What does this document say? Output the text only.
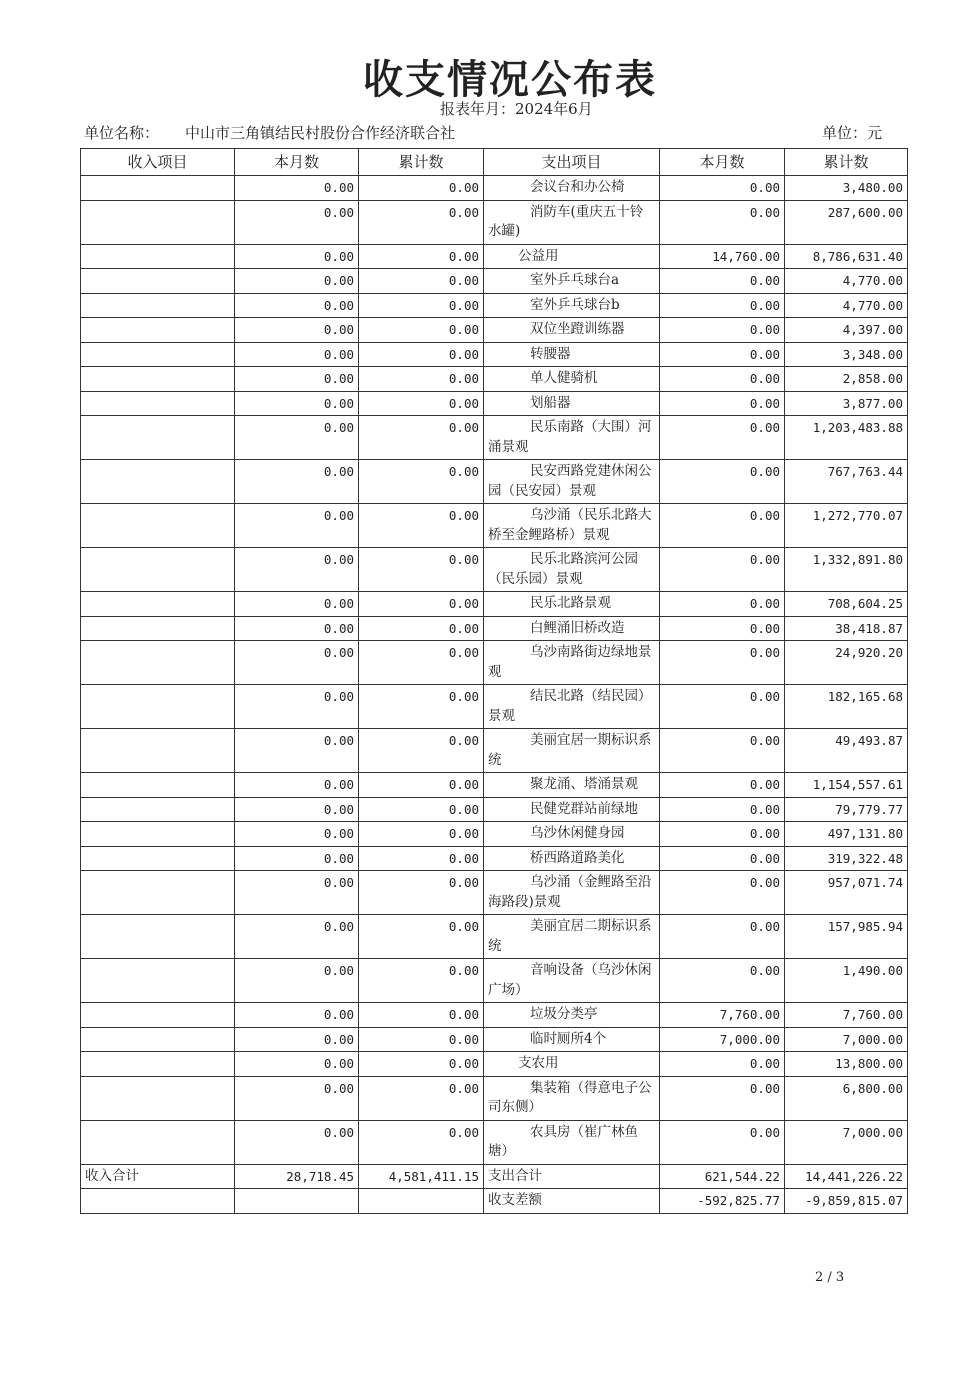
收支情况公布表
报表年月：2024年6月
单位名称： 中山市三角镇结民村股份合作经济联合社	单位：元
收入项目	本月数	累计数	支出项目	本月数	累计数
	0.00	0.00	会议台和办公椅	0.00	3,480.00
	0.00	0.00	消防车(重庆五十铃水罐)	0.00	287,600.00
	0.00	0.00	公益用	14,760.00	8,786,631.40
	0.00	0.00	室外乒乓球台a	0.00	4,770.00
	0.00	0.00	室外乒乓球台b	0.00	4,770.00
	0.00	0.00	双位坐蹬训练器	0.00	4,397.00
	0.00	0.00	转腰器	0.00	3,348.00
	0.00	0.00	单人健骑机	0.00	2,858.00
	0.00	0.00	划船器	0.00	3,877.00
	0.00	0.00	民乐南路（大围）河涌景观	0.00	1,203,483.88
	0.00	0.00	民安西路党建休闲公园（民安园）景观	0.00	767,763.44
	0.00	0.00	乌沙涌（民乐北路大桥至金鲤路桥）景观	0.00	1,272,770.07
	0.00	0.00	民乐北路滨河公园（民乐园）景观	0.00	1,332,891.80
	0.00	0.00	民乐北路景观	0.00	708,604.25
	0.00	0.00	白鲤涌旧桥改造	0.00	38,418.87
	0.00	0.00	乌沙南路街边绿地景观	0.00	24,920.20
	0.00	0.00	结民北路（结民园）景观	0.00	182,165.68
	0.00	0.00	美丽宜居一期标识系统	0.00	49,493.87
	0.00	0.00	聚龙涌、塔涌景观	0.00	1,154,557.61
	0.00	0.00	民健党群站前绿地	0.00	79,779.77
	0.00	0.00	乌沙休闲健身园	0.00	497,131.80
	0.00	0.00	桥西路道路美化	0.00	319,322.48
	0.00	0.00	乌沙涌（金鲤路至沿海路段)景观	0.00	957,071.74
	0.00	0.00	美丽宜居二期标识系统	0.00	157,985.94
	0.00	0.00	音响设备（乌沙休闲广场）	0.00	1,490.00
	0.00	0.00	垃圾分类亭	7,760.00	7,760.00
	0.00	0.00	临时厕所4个	7,000.00	7,000.00
	0.00	0.00	支农用	0.00	13,800.00
	0.00	0.00	集装箱（得意电子公司东侧）	0.00	6,800.00
	0.00	0.00	农具房（崔广林鱼塘）	0.00	7,000.00
收入合计	28,718.45	4,581,411.15	支出合计	621,544.22	14,441,226.22
			收支差额	-592,825.77	-9,859,815.07
2 / 3
